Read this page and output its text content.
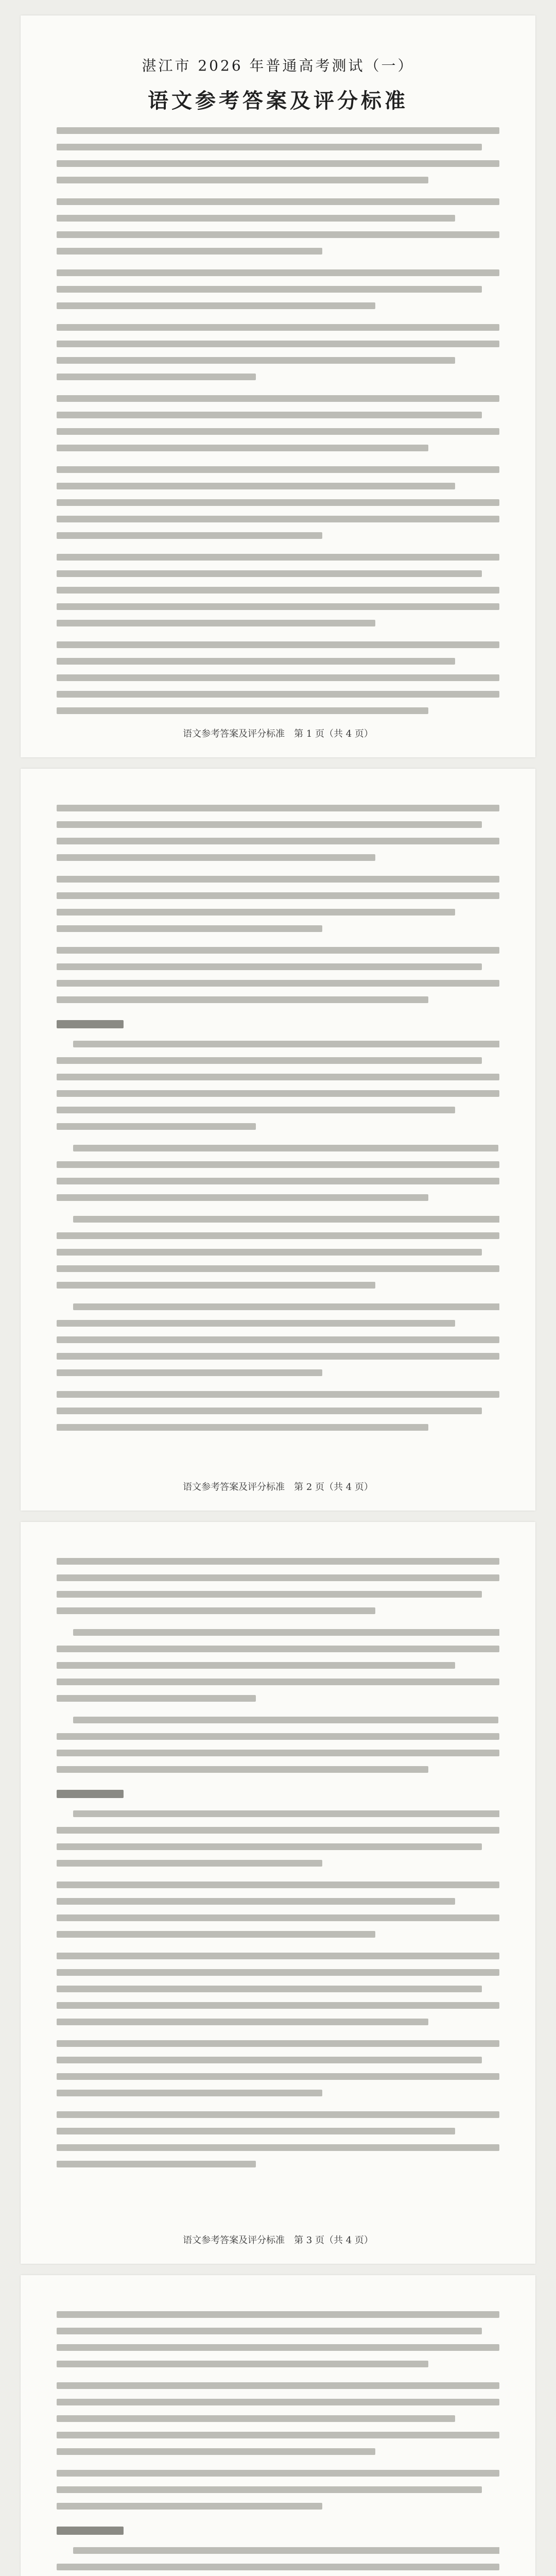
湛江市 2026 年普通高考测试（一）
语文参考答案及评分标准
语文参考答案及评分标准　第 1 页（共 4 页）
语文参考答案及评分标准　第 2 页（共 4 页）
语文参考答案及评分标准　第 3 页（共 4 页）
